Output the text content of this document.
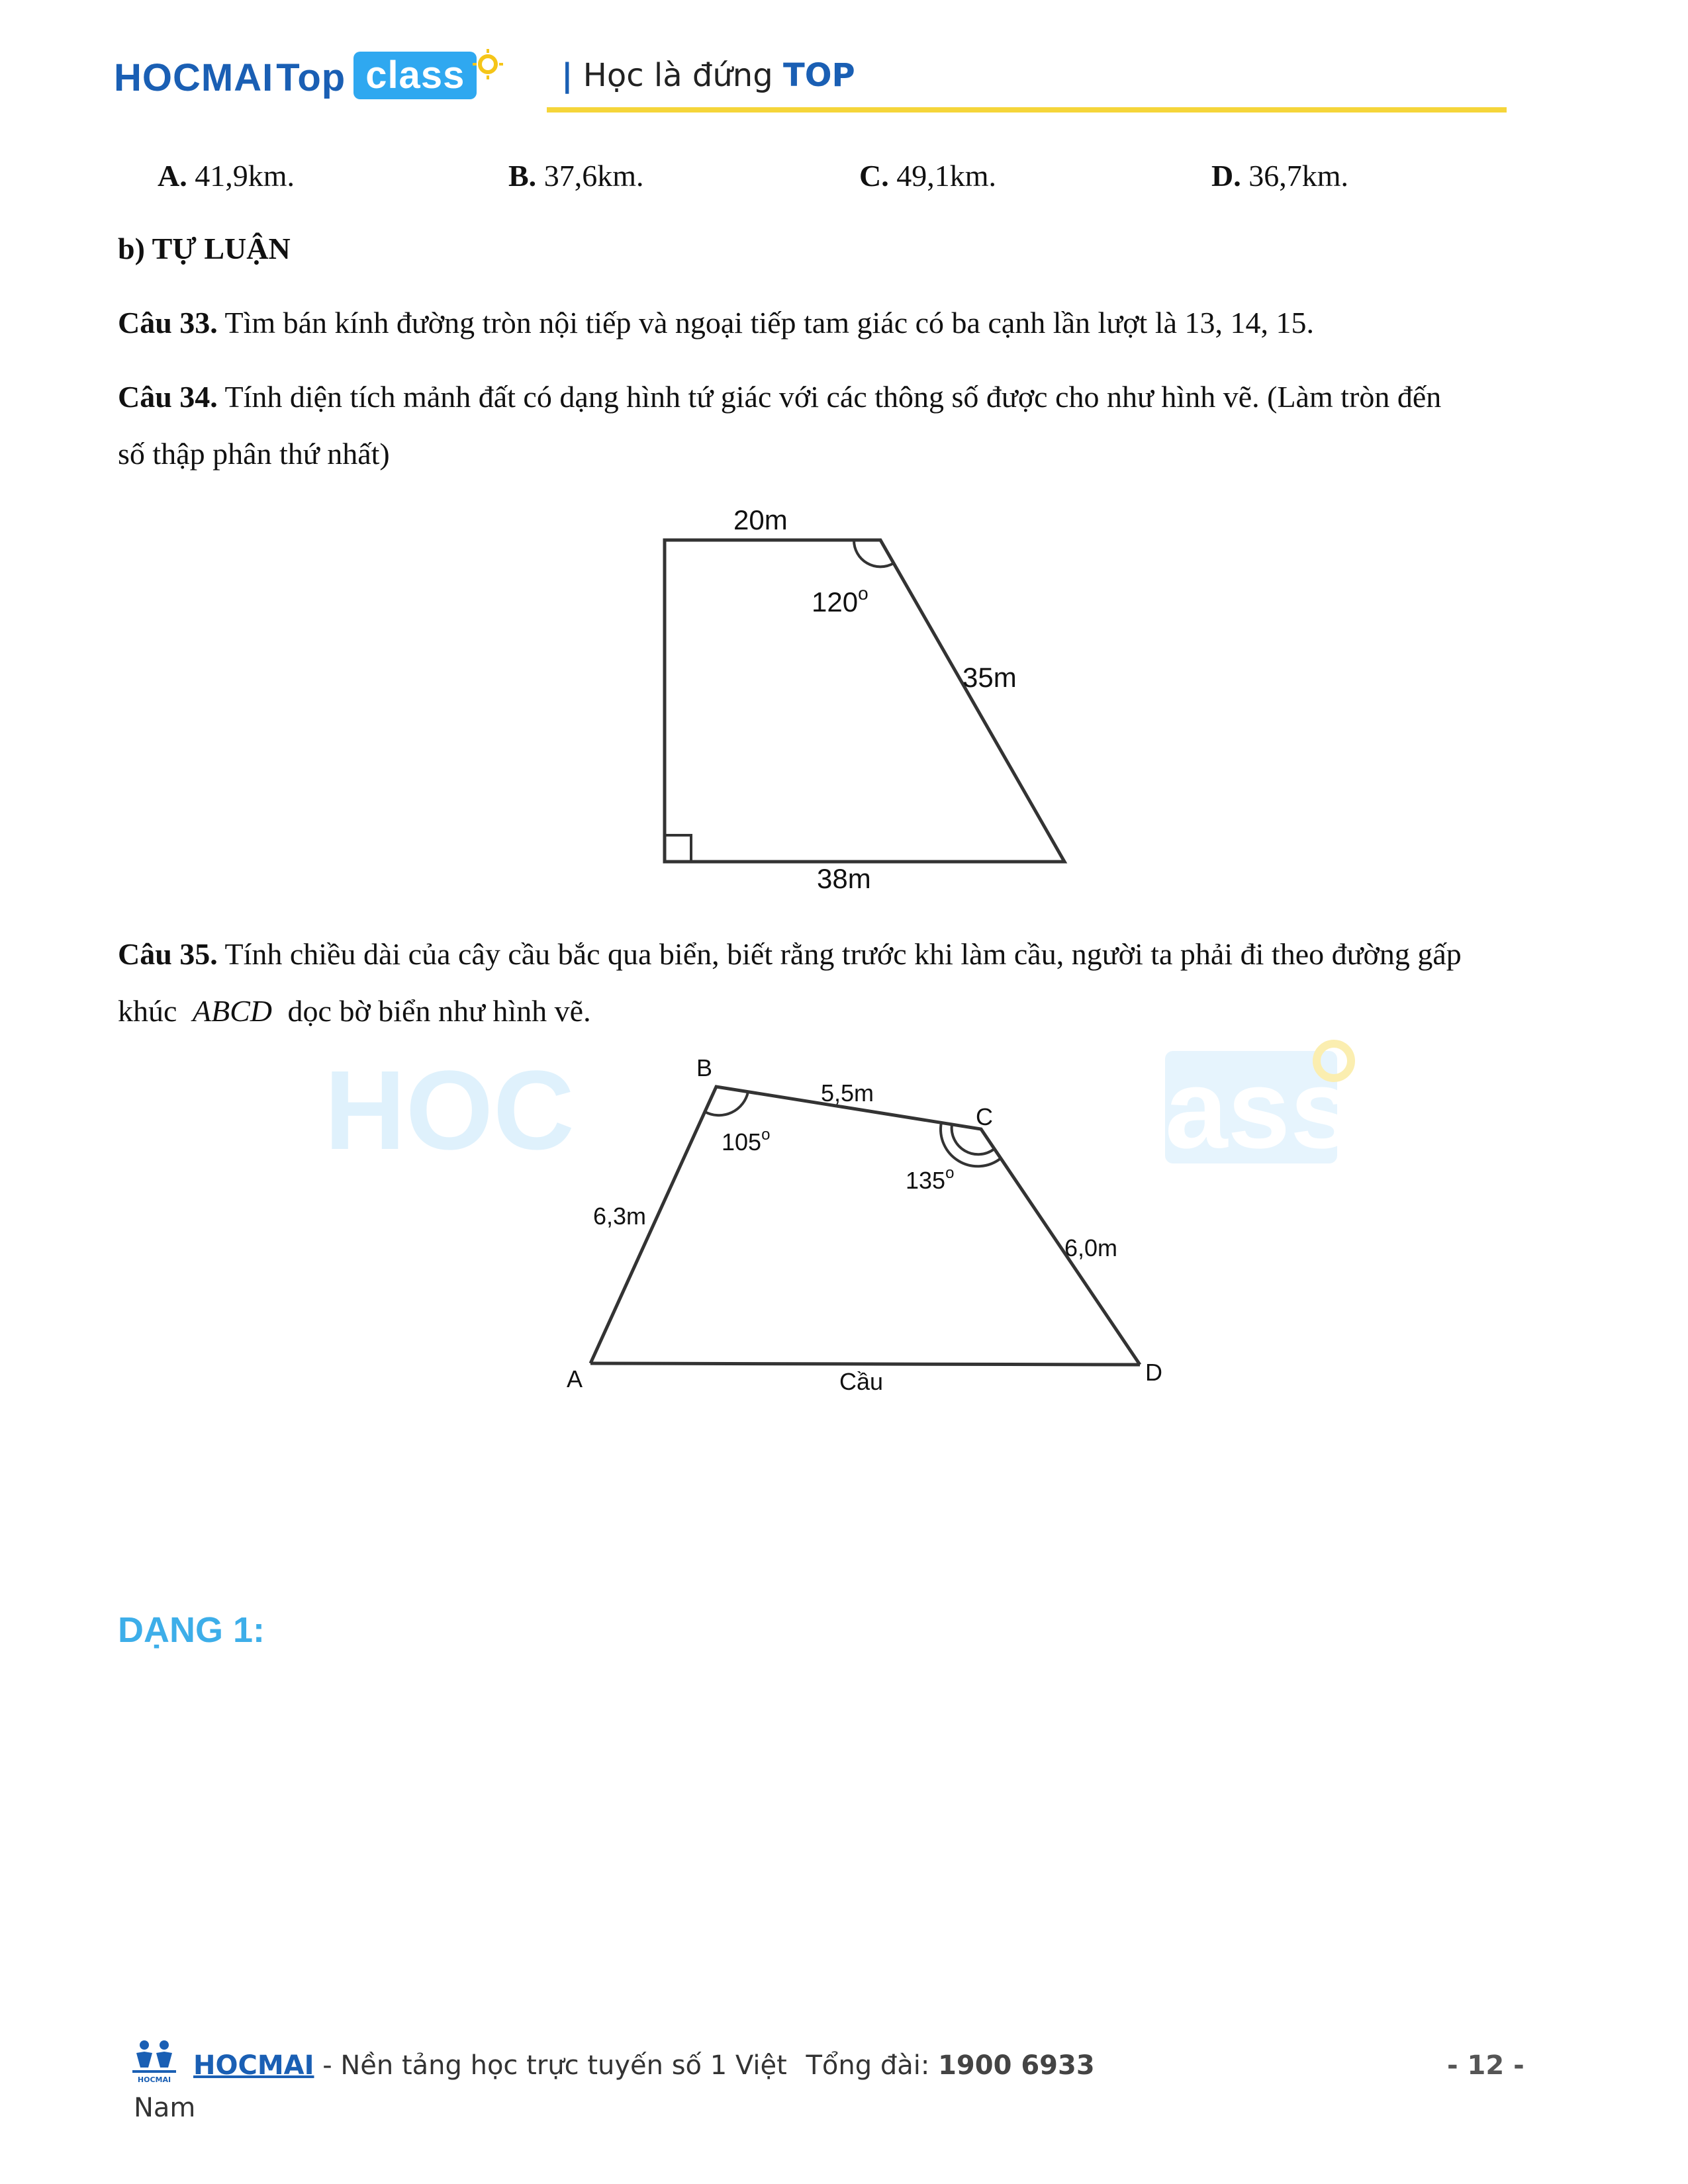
HOCMAI Top class	| Học là đứng TOP
A. 41,9km.	B. 37,6km.	C. 49,1km.	D. 36,7km.
b) TỰ LUẬN
Câu 33. Tìm bán kính đường tròn nội tiếp và ngoại tiếp tam giác có ba cạnh lần lượt là 13, 14, 15.
Câu 34. Tính diện tích mảnh đất có dạng hình tứ giác với các thông số được cho như hình vẽ. (Làm tròn đến
số thập phân thứ nhất)
20m
120$^o$
35m
38m
Câu 35. Tính chiều dài của cây cầu bắc qua biển, biết rằng trước khi làm cầu, người ta phải đi theo đường gấp
khúc ABCD dọc bờ biển như hình vẽ.
HOC	ass
A
B
C
D
6,3m
5,5m
6,0m
Cầu
105$^o$
135$^o$
DẠNG 1:
HOCMAI HOCMAI - Nền tảng học trực tuyến số 1 Việt Tổng đài: 1900 6933	- 12 -
Nam
